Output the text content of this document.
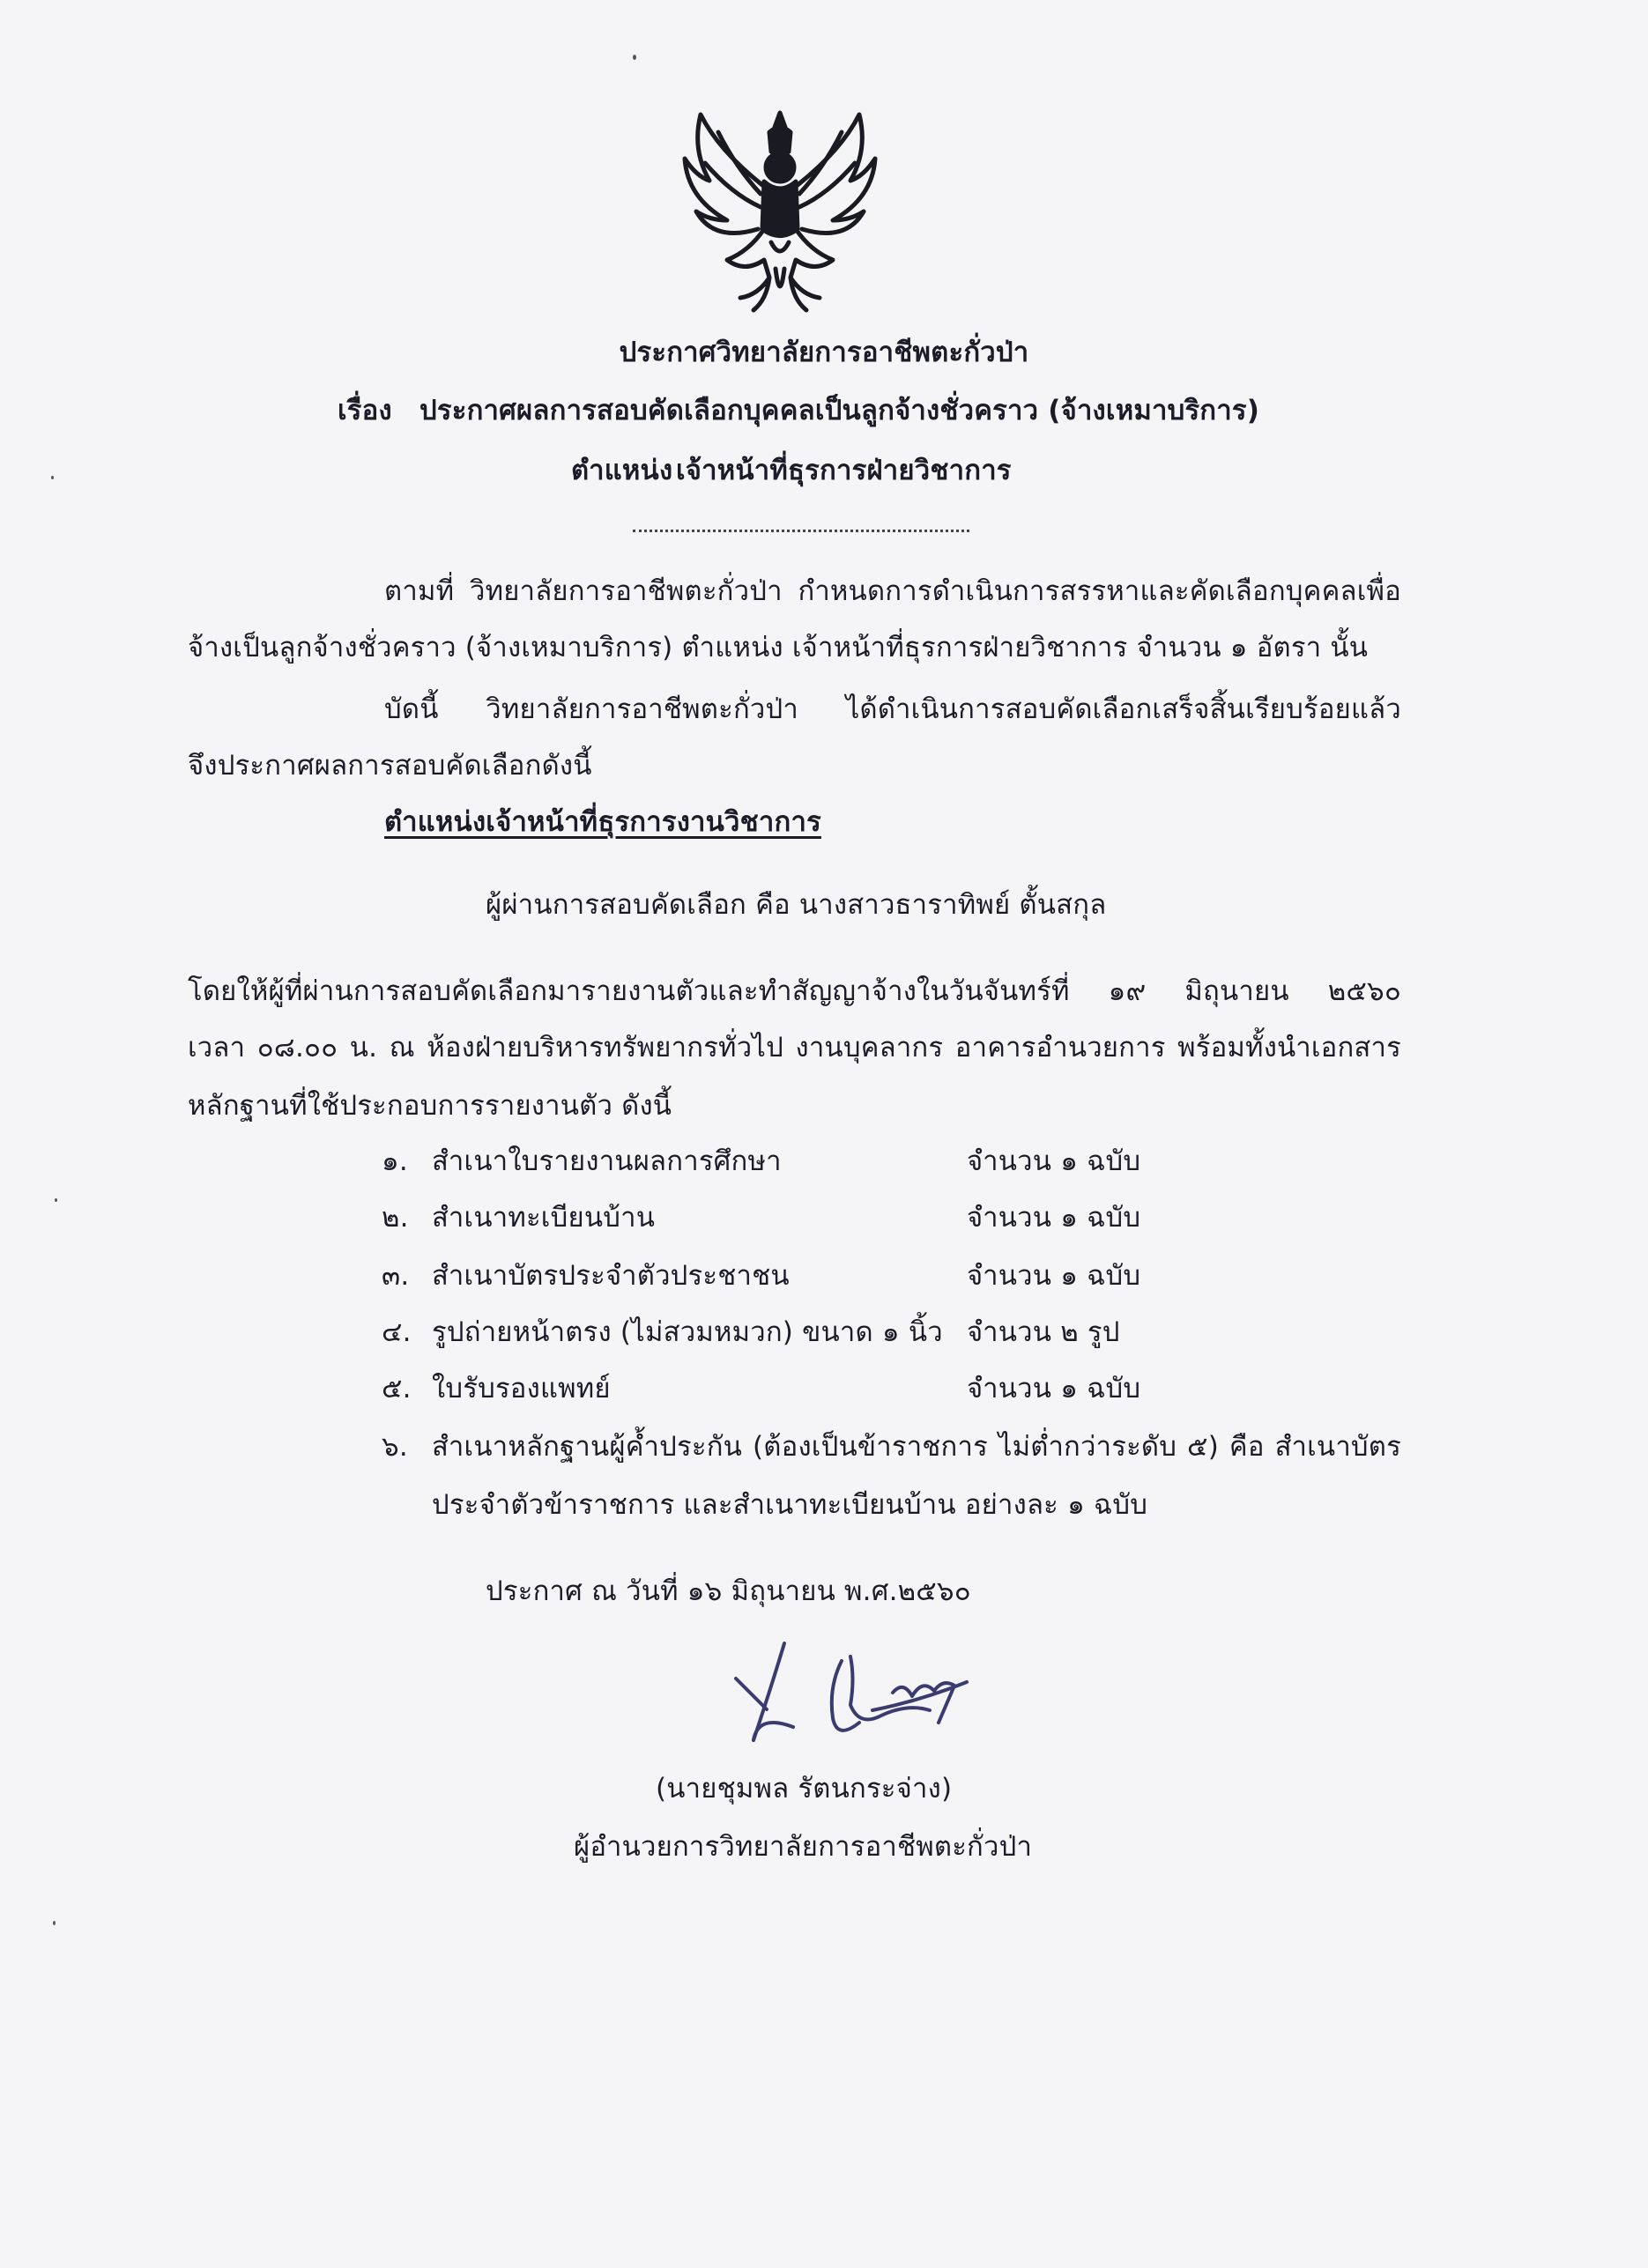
ประกาศวิทยาลัยการอาชีพตะกั่วป่า
เรื่อง ประกาศผลการสอบคัดเลือกบุคคลเป็นลูกจ้างชั่วคราว (จ้างเหมาบริการ)
ตำแหน่ง เจ้าหน้าที่ธุรการฝ่ายวิชาการ
ตามที่ วิทยาลัยการอาชีพตะกั่วป่า กำหนดการดำเนินการสรรหาและคัดเลือกบุคคลเพื่อ
จ้างเป็นลูกจ้างชั่วคราว (จ้างเหมาบริการ) ตำแหน่ง เจ้าหน้าที่ธุรการฝ่ายวิชาการ จำนวน ๑ อัตรา นั้น
บัดนี้ วิทยาลัยการอาชีพตะกั่วป่า ได้ดำเนินการสอบคัดเลือกเสร็จสิ้นเรียบร้อยแล้ว
จึงประกาศผลการสอบคัดเลือกดังนี้
ตำแหน่งเจ้าหน้าที่ธุรการงานวิชาการ
ผู้ผ่านการสอบคัดเลือก คือ นางสาวธาราทิพย์ ตั้นสกุล
โดยให้ผู้ที่ผ่านการสอบคัดเลือกมารายงานตัวและทำสัญญาจ้างในวันจันทร์ที่ ๑๙ มิถุนายน ๒๕๖๐
เวลา ๐๘.๐๐ น. ณ ห้องฝ่ายบริหารทรัพยากรทั่วไป งานบุคลากร อาคารอำนวยการ พร้อมทั้งนำเอกสาร
หลักฐานที่ใช้ประกอบการรายงานตัว ดังนี้
๑. สำเนาใบรายงานผลการศึกษา	จำนวน ๑ ฉบับ
๒. สำเนาทะเบียนบ้าน	จำนวน ๑ ฉบับ
๓. สำเนาบัตรประจำตัวประชาชน	จำนวน ๑ ฉบับ
๔. รูปถ่ายหน้าตรง (ไม่สวมหมวก) ขนาด ๑ นิ้ว จำนวน ๒ รูป
๕. ใบรับรองแพทย์	จำนวน ๑ ฉบับ
๖. สำเนาหลักฐานผู้ค้ำประกัน (ต้องเป็นข้าราชการ ไม่ต่ำกว่าระดับ ๕) คือ สำเนาบัตร
ประจำตัวข้าราชการ และสำเนาทะเบียนบ้าน อย่างละ ๑ ฉบับ
ประกาศ ณ วันที่ ๑๖ มิถุนายน พ.ศ.๒๕๖๐
(นายชุมพล รัตนกระจ่าง)
ผู้อำนวยการวิทยาลัยการอาชีพตะกั่วป่า
